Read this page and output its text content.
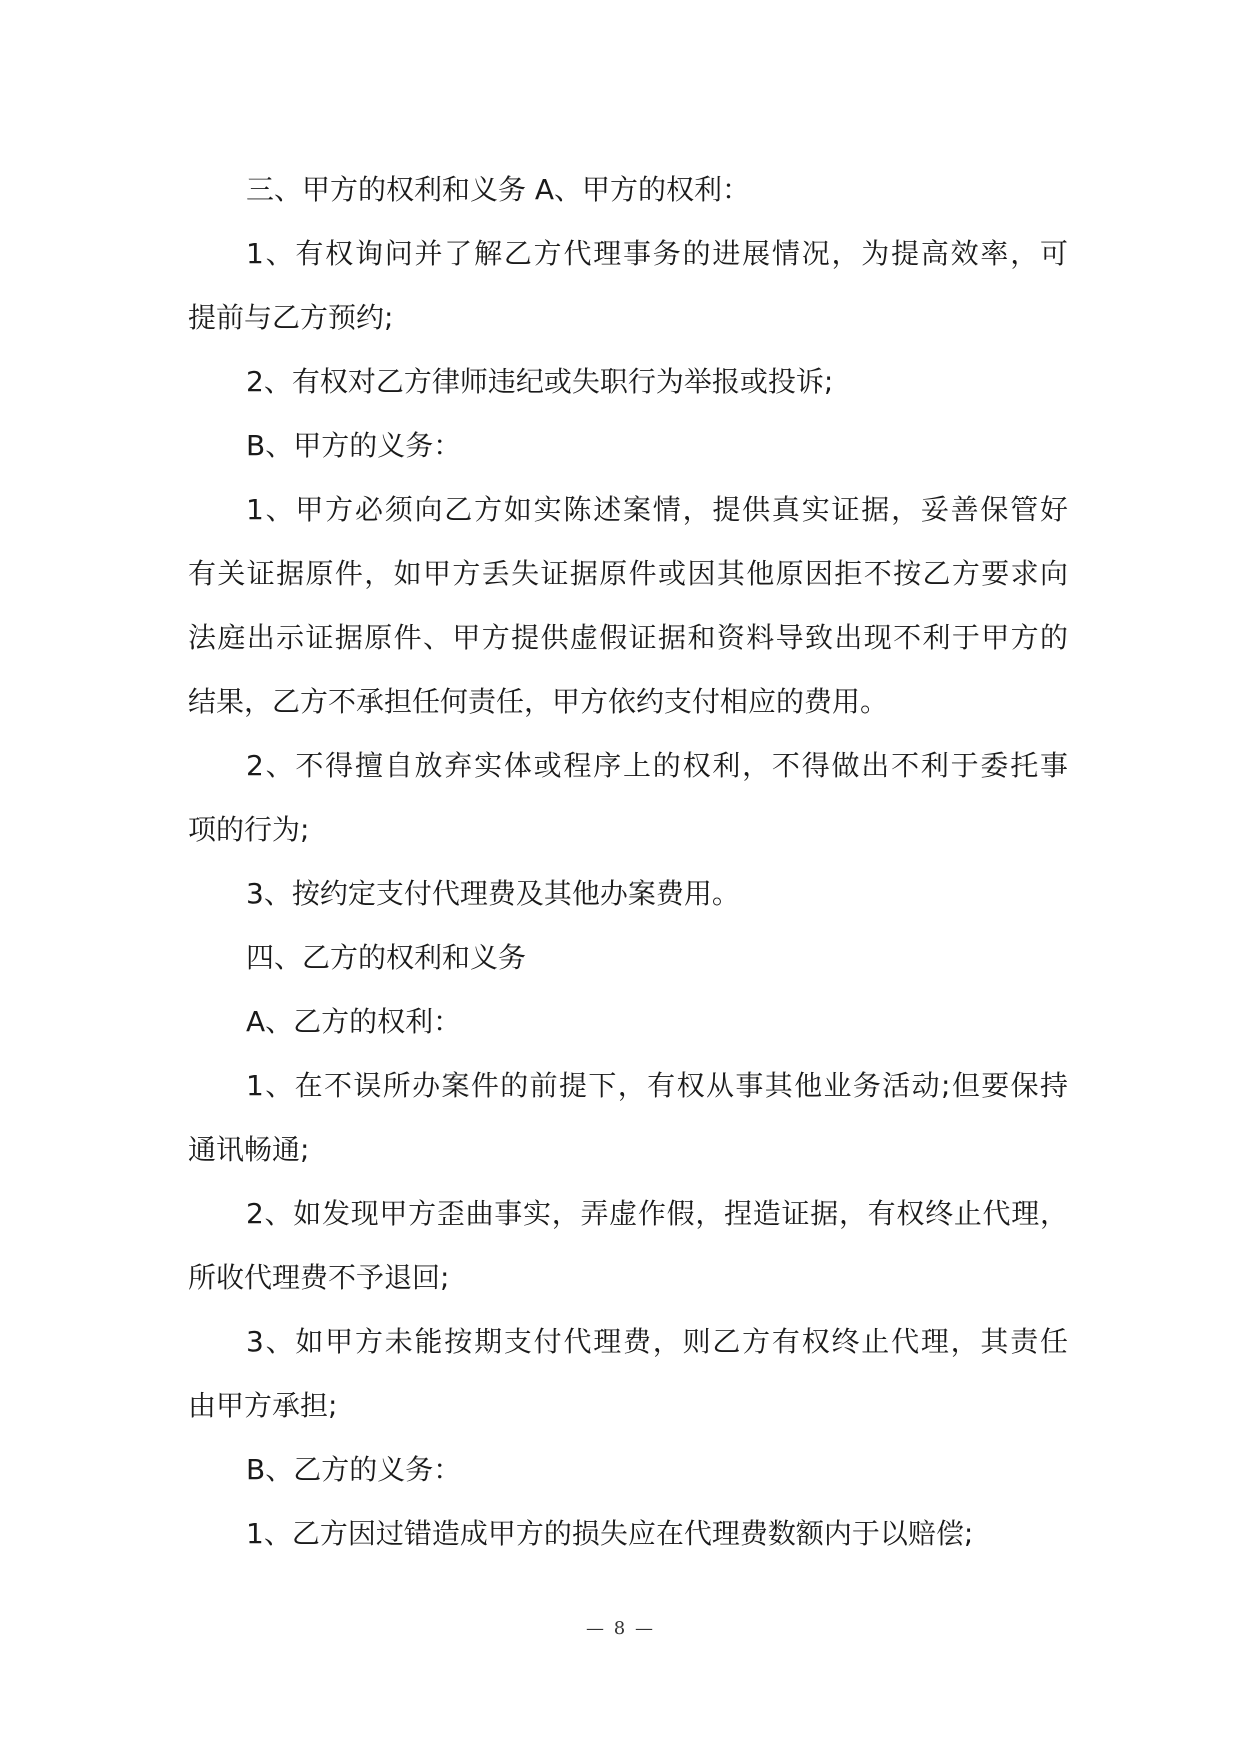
三、甲方的权利和义务 A、甲方的权利：
1、有权询问并了解乙方代理事务的进展情况，为提高效率，可
提前与乙方预约;
2、有权对乙方律师违纪或失职行为举报或投诉;
B、甲方的义务：
1、甲方必须向乙方如实陈述案情，提供真实证据，妥善保管好
有关证据原件，如甲方丢失证据原件或因其他原因拒不按乙方要求向
法庭出示证据原件、甲方提供虚假证据和资料导致出现不利于甲方的
结果，乙方不承担任何责任，甲方依约支付相应的费用。
2、不得擅自放弃实体或程序上的权利，不得做出不利于委托事
项的行为;
3、按约定支付代理费及其他办案费用。
四、乙方的权利和义务
A、乙方的权利：
1、在不误所办案件的前提下，有权从事其他业务活动;但要保持
通讯畅通;
2、如发现甲方歪曲事实，弄虚作假，捏造证据，有权终止代理，
所收代理费不予退回;
3、如甲方未能按期支付代理费，则乙方有权终止代理，其责任
由甲方承担;
B、乙方的义务：
1、乙方因过错造成甲方的损失应在代理费数额内于以赔偿;
— 8 —
